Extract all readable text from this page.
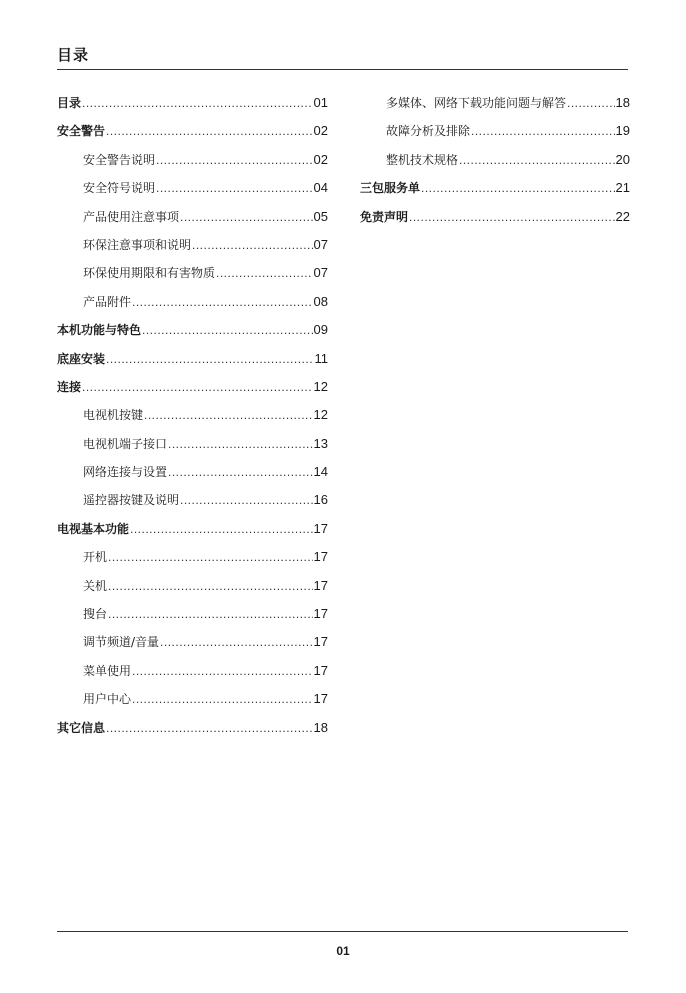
目录
目录 .....	01
安全警告 .....	02
安全警告说明 .....	02
安全符号说明 .....	04
产品使用注意事项 .....	05
环保注意事项和说明 .....	07
环保使用期限和有害物质 .....	07
产品附件 .....	08
本机功能与特色 .....	09
底座安装 .....	11
连接 .....	12
电视机按键 .....	12
电视机端子接口 .....	13
网络连接与设置 .....	14
遥控器按键及说明 .....	16
电视基本功能 .....	17
开机 .....	17
关机 .....	17
搜台 .....	17
调节频道/音量 .....	17
菜单使用 .....	17
用户中心 .....	17
其它信息 .....	18
多媒体、网络下载功能问题与解答 .....	18
故障分析及排除 .....	19
整机技术规格 .....	20
三包服务单 .....	21
免责声明 .....	22
01
